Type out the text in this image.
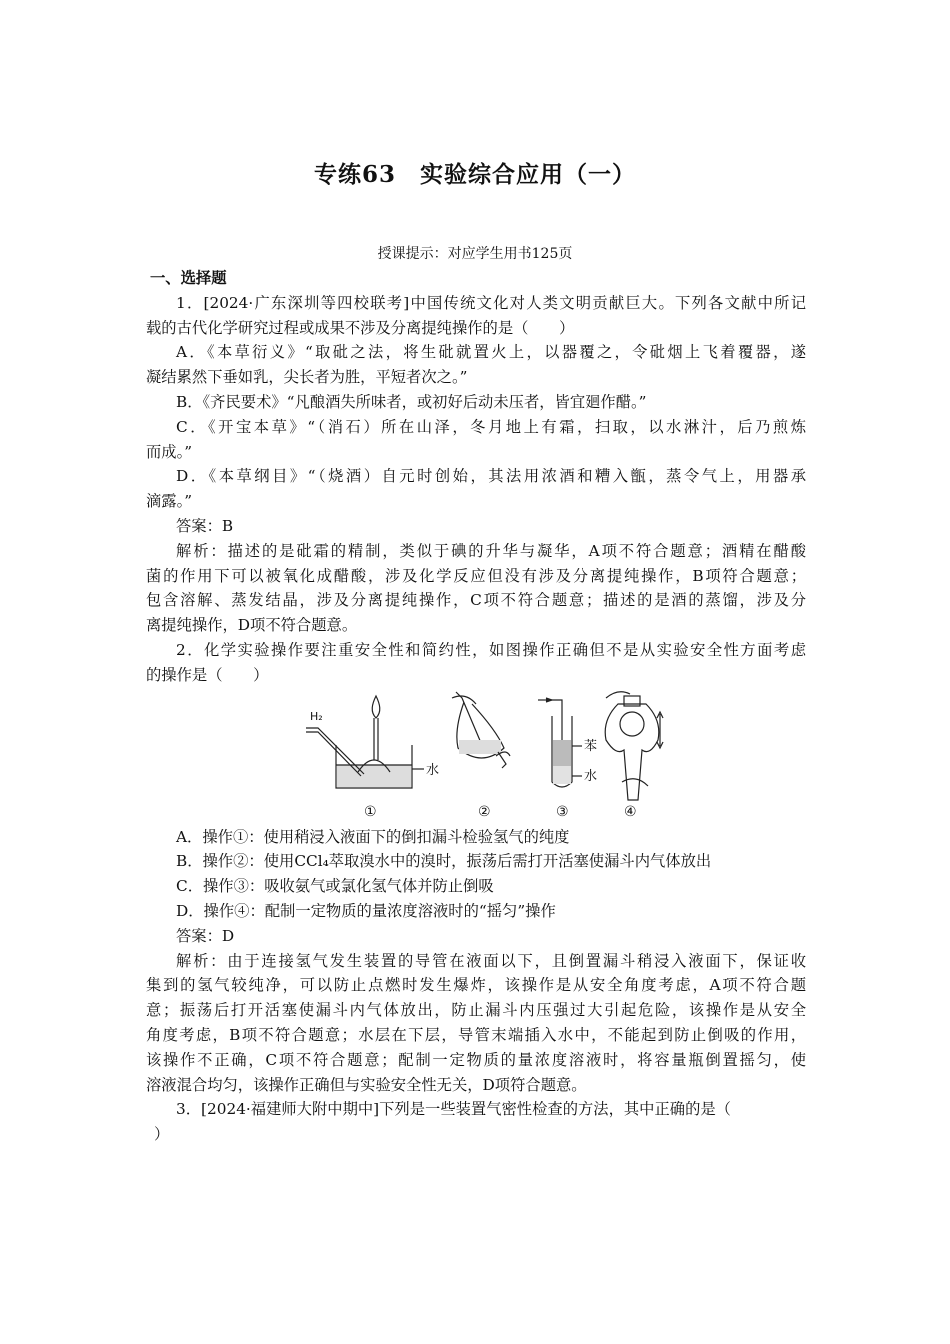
专练63　实验综合应用（一）
授课提示：对应学生用书125页
一、选择题
1．[2024·广东深圳等四校联考]中国传统文化对人类文明贡献巨大。下列各文献中所记
载的古代化学研究过程或成果不涉及分离提纯操作的是（　　）
A．《本草衍义》“取砒之法，将生砒就置火上，以器覆之，令砒烟上飞着覆器，遂
凝结累然下垂如乳，尖长者为胜，平短者次之。”
B．《齐民要术》“凡酿酒失所味者，或初好后动未压者，皆宜廻作醋。”
C．《开宝本草》“（消石）所在山泽，冬月地上有霜，扫取，以水淋汁，后乃煎炼
而成。”
D．《本草纲目》“（烧酒）自元时创始，其法用浓酒和糟入甑，蒸令气上，用器承
滴露。”
答案：B
解析：描述的是砒霜的精制，类似于碘的升华与凝华，A项不符合题意；酒精在醋酸
菌的作用下可以被氧化成醋酸，涉及化学反应但没有涉及分离提纯操作，B项符合题意；
包含溶解、蒸发结晶，涉及分离提纯操作，C项不符合题意；描述的是酒的蒸馏，涉及分
离提纯操作，D项不符合题意。
2．化学实验操作要注重安全性和简约性，如图操作正确但不是从实验安全性方面考虑
的操作是（　　）
H₂
水
苯
水
①	②	③	④
A．操作①：使用稍浸入液面下的倒扣漏斗检验氢气的纯度
B．操作②：使用CCl₄萃取溴水中的溴时，振荡后需打开活塞使漏斗内气体放出
C．操作③：吸收氨气或氯化氢气体并防止倒吸
D．操作④：配制一定物质的量浓度溶液时的“摇匀”操作
答案：D
解析：由于连接氢气发生装置的导管在液面以下，且倒置漏斗稍浸入液面下，保证收
集到的氢气较纯净，可以防止点燃时发生爆炸，该操作是从安全角度考虑，A项不符合题
意；振荡后打开活塞使漏斗内气体放出，防止漏斗内压强过大引起危险，该操作是从安全
角度考虑，B项不符合题意；水层在下层，导管末端插入水中，不能起到防止倒吸的作用，
该操作不正确，C项不符合题意；配制一定物质的量浓度溶液时，将容量瓶倒置摇匀，使
溶液混合均匀，该操作正确但与实验安全性无关，D项符合题意。
3．[2024·福建师大附中期中]下列是一些装置气密性检查的方法，其中正确的是（
）
